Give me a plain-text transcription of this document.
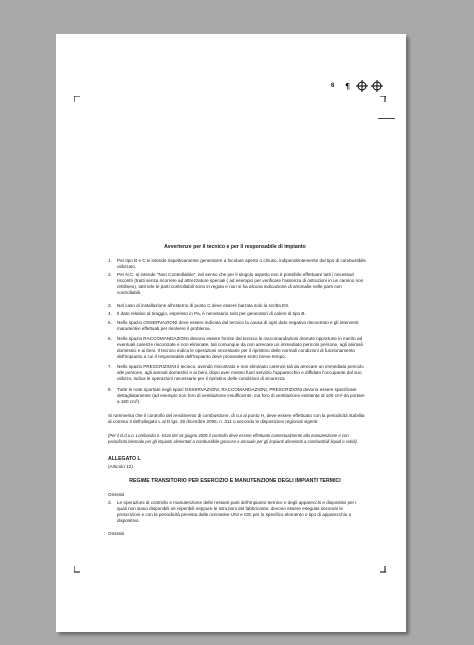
6 ¶
Avvertenze per il tecnico e per il responsabile di impianto
1.	Per tipo B e C si intende rispettivamente generatore a focolare aperto o chiuso, indipendentemente dal tipo di combustibile utilizzato.
2.	Per N.C. si intende "Non Controllabile", nel senso che per il singolo aspetto non è possibile effettuare tutti i necessari riscontri (tratti senza ricorrere ad attrezzature speciali ( ad esempio per verificare l'assenza di ostruzioni in un camino non rettilineo), tutti tele le parti controllabili sono in regola e non si ha alcuna indicazione di anomalie nelle parti non controllabili.
3.	Nel caso di installazione all'esterno di punto C deve essere barrata solo la scritta ES.
4.	Il dato relativo al tiraggio, espresso in Pa, è necessario solo per generatori di calore di tipo B.
5.	Nello spazio OSSERVAZIONI deve essere indicata dal tecnico la causa di ogni dato negativo riscontrato e gli interventi manutentivi effettuati per risolvere il problema.
6.	Nello spazio RACCOMANDAZIONI devono essere fornite dal tecnico le raccomandazioni ritenute opportune in merito ad eventuali carenze riscontrate e non eliminate, tali comunque da non arrecare un immediato pericolo persone, agli animali domestici e ai beni. Il tecnico indica le operazioni necessarie per il ripristino delle normali condizioni di funzionamento dell'impianto a cui il responsabile dell'impianto deve provvedere entro breve tempo.
7.	Nello spazio PRESCRIZIONI il tecnico, avendo riscontrato e non eliminato carenze tali da arrecare un immediato pericolo alle persone, agli animali domestici e ai beni, dopo aver messo fuori servizio l'apparecchio e diffidato l'occupante dal suo utilizzo, indica le operazioni necessarie per il ripristino delle condizioni di sicurezza.
8.	Tutte le note riportate negli spazi OSSERVAZIONI, RACCOMANDAZIONI, PRESCRIZIONI devono essere specificate dettagliatamente (ad esempio non foro di ventilazione insufficiente, ma foro di ventilazione esistente di 100 cm² da portare a 180 cm²).
Si rammenta che il controllo del rendimento di combustione, di cui al punto H, deve essere effettuato con la periodicità stabilita al comma 3 dell'allegato L al D.lgs. 29 dicembre 2006, n. 311 o secondo le disposizioni regionali vigenti.
(Per il D.d.u.o. Lombardia n. 6334 del 16 giugno 2005 il controllo deve essere effettuato contestualmente alla manutenzione e con periodicità biennale per gli impianti alimentati a combustibile gassoso e annuale per gli impianti alimentati a combustibili liquidi e solidi).
ALLEGATO L
(Articolo 12)
REGIME TRANSITORIO PER ESERCIZIO E MANUTENZIONE DEGLI IMPIANTI TERMICI
Omissis
3.	Le operazioni di controllo e manutenzione delle restanti parti dell'impianto termico e degli apparecchi e dispositivi per i quali non siano disponibili né reperibili neppure le istruzioni del fabbricante, devono essere eseguite secondo le prescrizioni e con la periodicità prevista dalle normative UNI e CEI per lo specifico elemento o tipo di apparecchio o dispositivo.
Omissis
